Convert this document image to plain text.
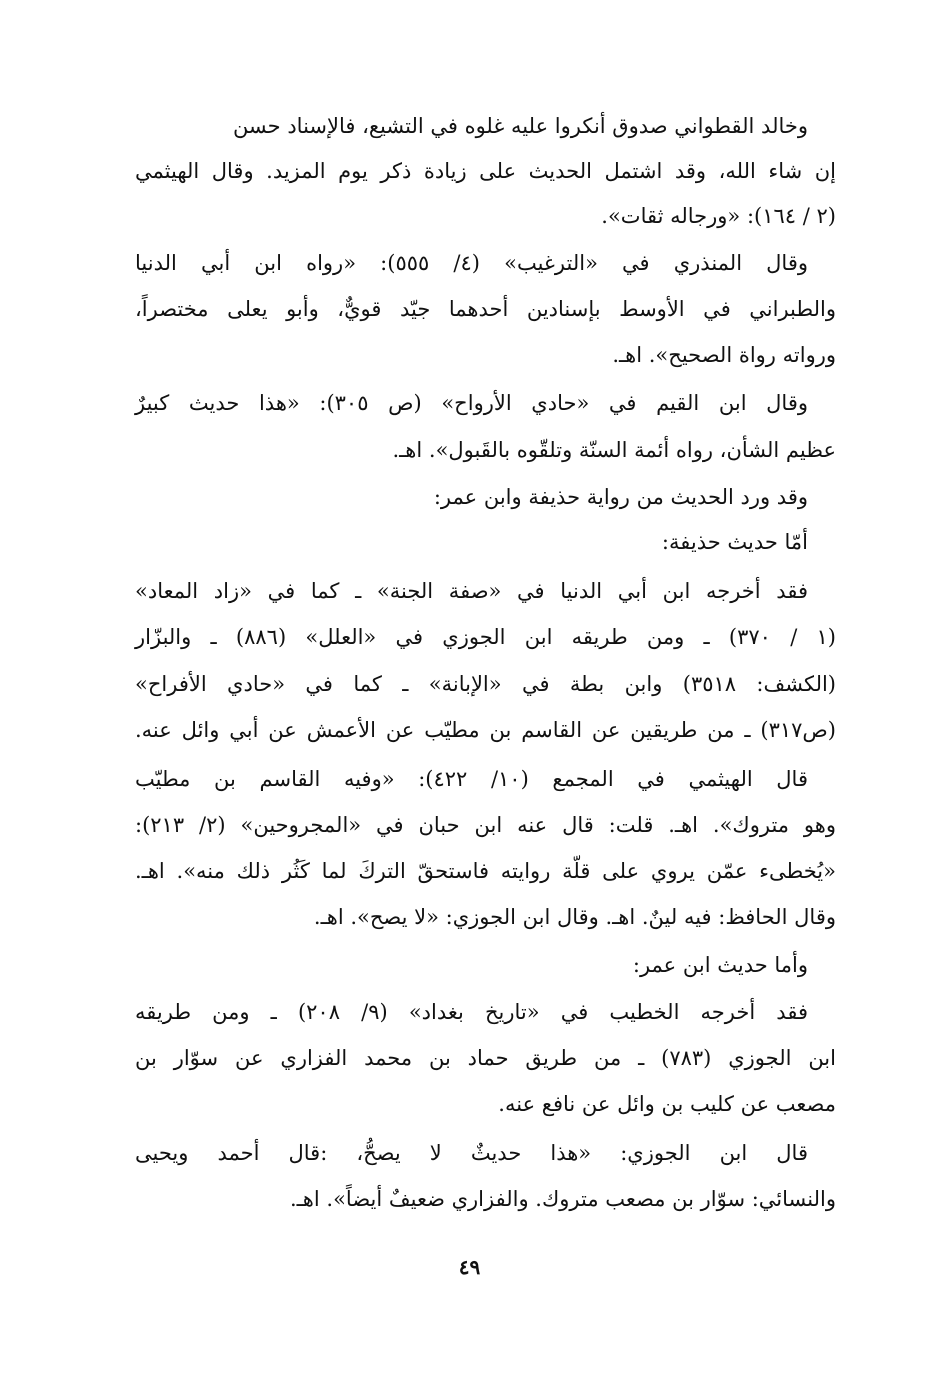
وخالد القطواني صدوق أنكروا عليه غلوه في التشيع، فالإسناد حسن
إن شاء الله، وقد اشتمل الحديث على زيادة ذكر يوم المزيد. وقال الهيثمي
(٢ / ١٦٤): «ورجاله ثقات».
وقال المنذري في «الترغيب» (٤/ ٥٥٥): «رواه ابن أبي الدنيا
والطبراني في الأوسط بإسنادين أحدهما جيّد قويٌّ، وأبو يعلى مختصراً،
ورواته رواة الصحيح». اهـ.
وقال ابن القيم في «حادي الأرواح» (ص ٣٠٥): «هذا حديث كبيرٌ
عظيم الشأن، رواه أئمة السنّة وتلقّوه بالقَبول». اهـ.
وقد ورد الحديث من رواية حذيفة وابن عمر:
أمّا حديث حذيفة:
فقد أخرجه ابن أبي الدنيا في «صفة الجنة» ـ كما في «زاد المعاد»
(١ / ٣٧٠) ـ ومن طريقه ابن الجوزي في «العلل» (٨٨٦) ـ والبزّار
(الكشف: ٣٥١٨) وابن بطة في «الإبانة» ـ كما في «حادي الأفراح»
(ص٣١٧) ـ من طريقين عن القاسم بن مطيّب عن الأعمش عن أبي وائل عنه.
قال الهيثمي في المجمع (١٠/ ٤٢٢): «وفيه القاسم بن مطيّب
وهو متروك». اهـ. قلت: قال عنه ابن حبان في «المجروحين» (٢/ ٢١٣):
«يُخطىء عمّن يروي على قلّة روايته فاستحقّ التركَ لما كَثُر ذلك منه». اهـ.
وقال الحافظ: فيه لينٌ. اهـ. وقال ابن الجوزي: «لا يصح». اهـ.
وأما حديث ابن عمر:
فقد أخرجه الخطيب في «تاريخ بغداد» (٩/ ٢٠٨) ـ ومن طريقه
ابن الجوزي (٧٨٣) ـ من طريق حماد بن محمد الفزاري عن سوّار بن
مصعب عن كليب بن وائل عن نافع عنه.
قال ابن الجوزي: «هذا حديثٌ لا يصحُّ، :قال أحمد ويحيى
والنسائي: سوّار بن مصعب متروك. والفزاري ضعيفٌ أيضاً». اهـ.
٤٩
